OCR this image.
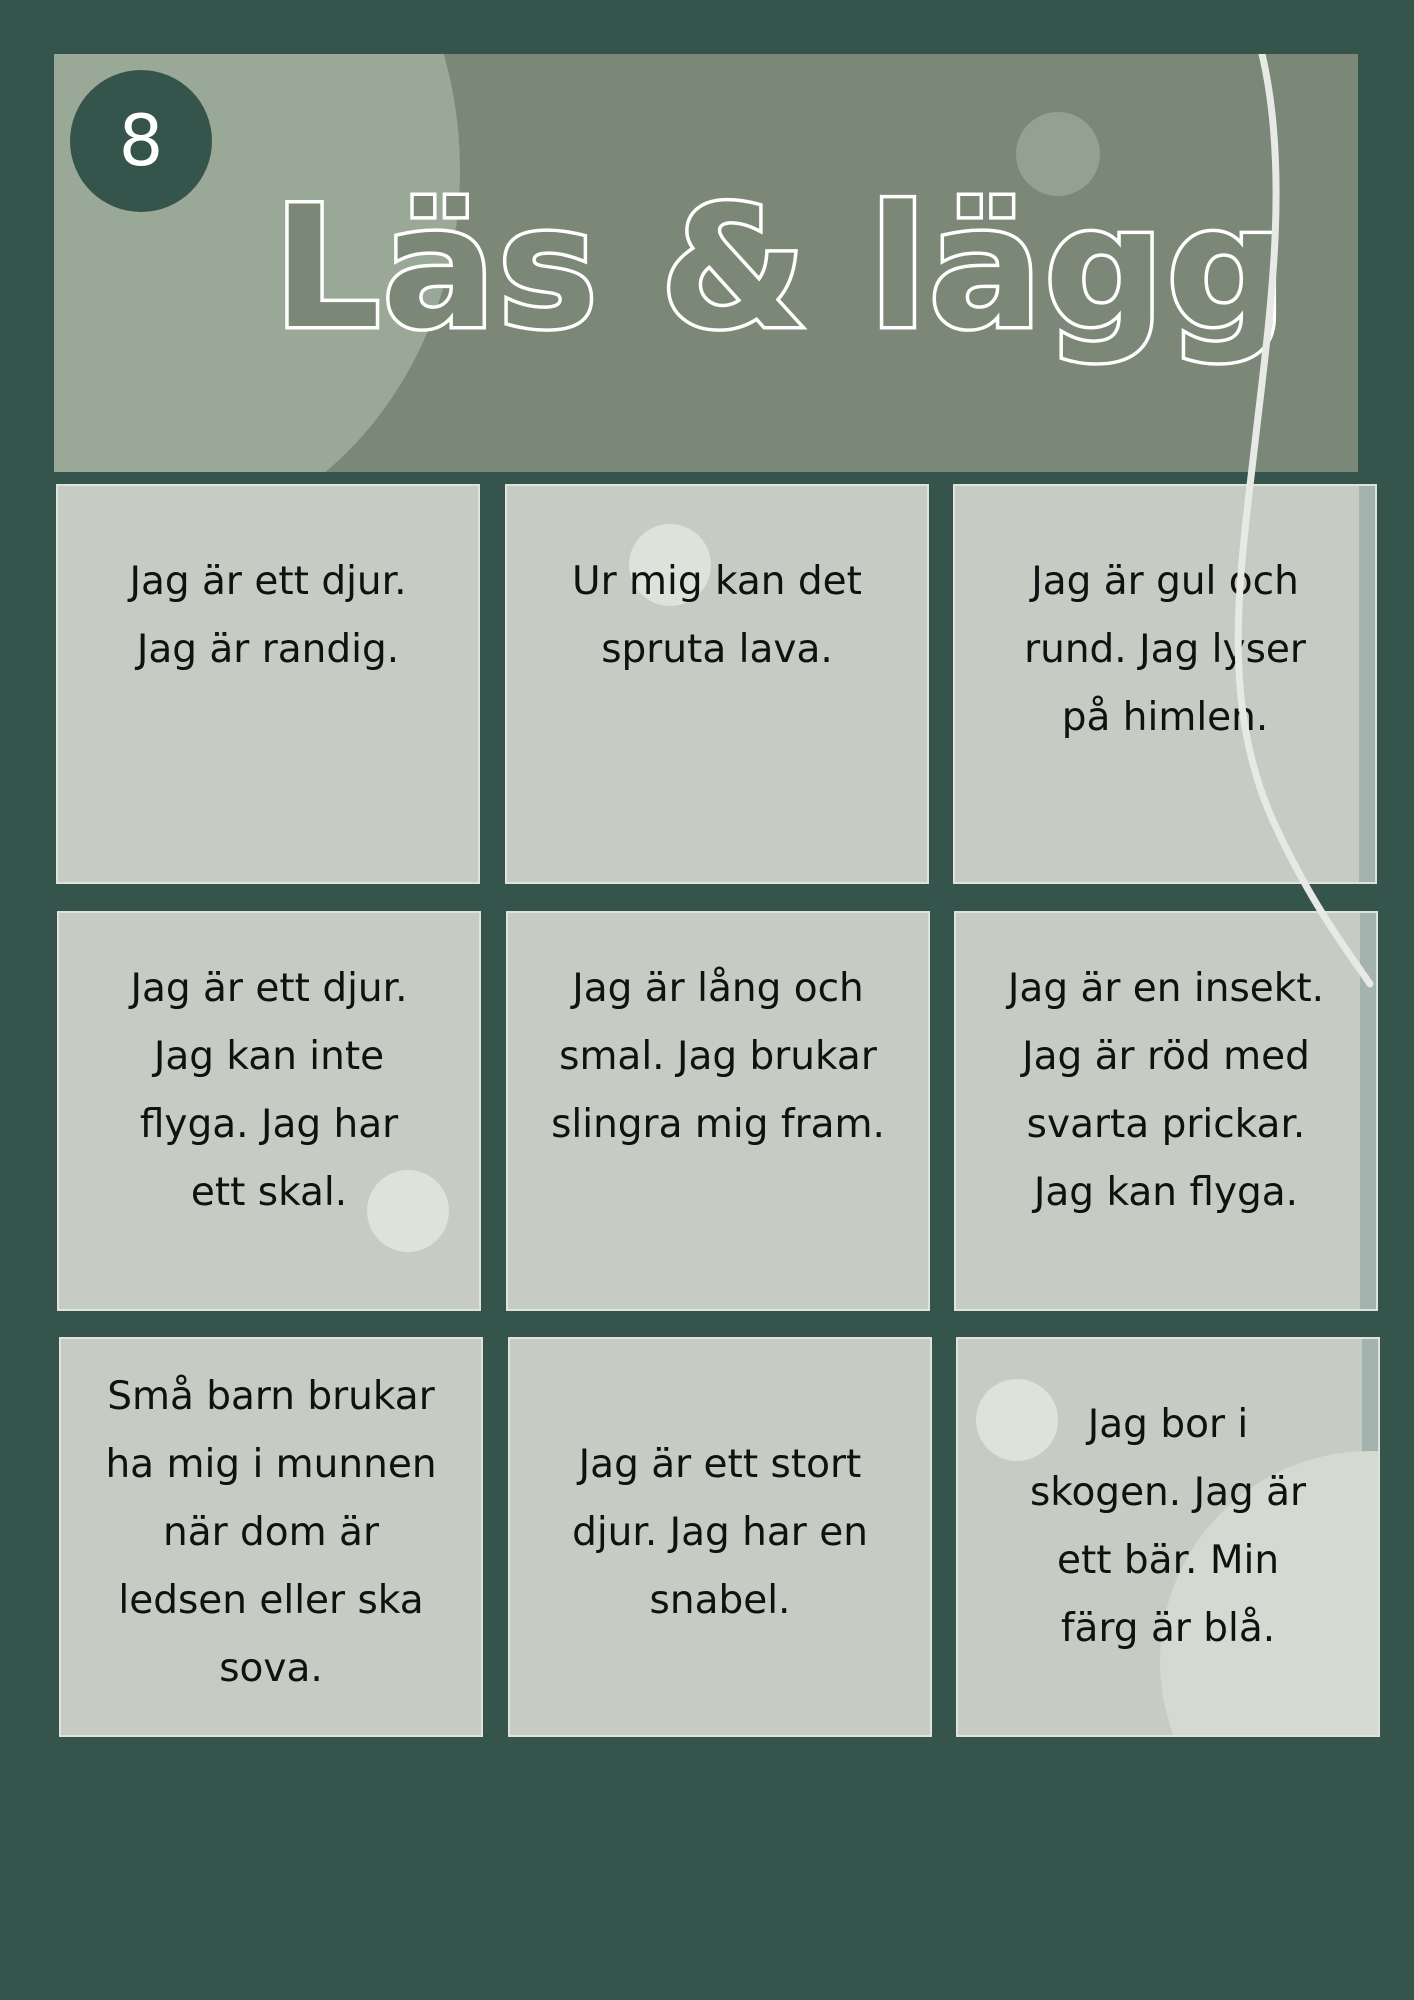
8
Läs & lägg
Jag är ett djur.
Jag är randig.
Ur mig kan det
spruta lava.
Jag är gul och
rund. Jag lyser
på himlen.
Jag är ett djur.
Jag kan inte
flyga. Jag har
ett skal.
Jag är lång och
smal. Jag brukar
slingra mig fram.
Jag är en insekt.
Jag är röd med
svarta prickar.
Jag kan flyga.
Små barn brukar
ha mig i munnen
när dom är
ledsen eller ska
sova.
Jag är ett stort
djur. Jag har en
snabel.
Jag bor i
skogen. Jag är
ett bär. Min
färg är blå.
